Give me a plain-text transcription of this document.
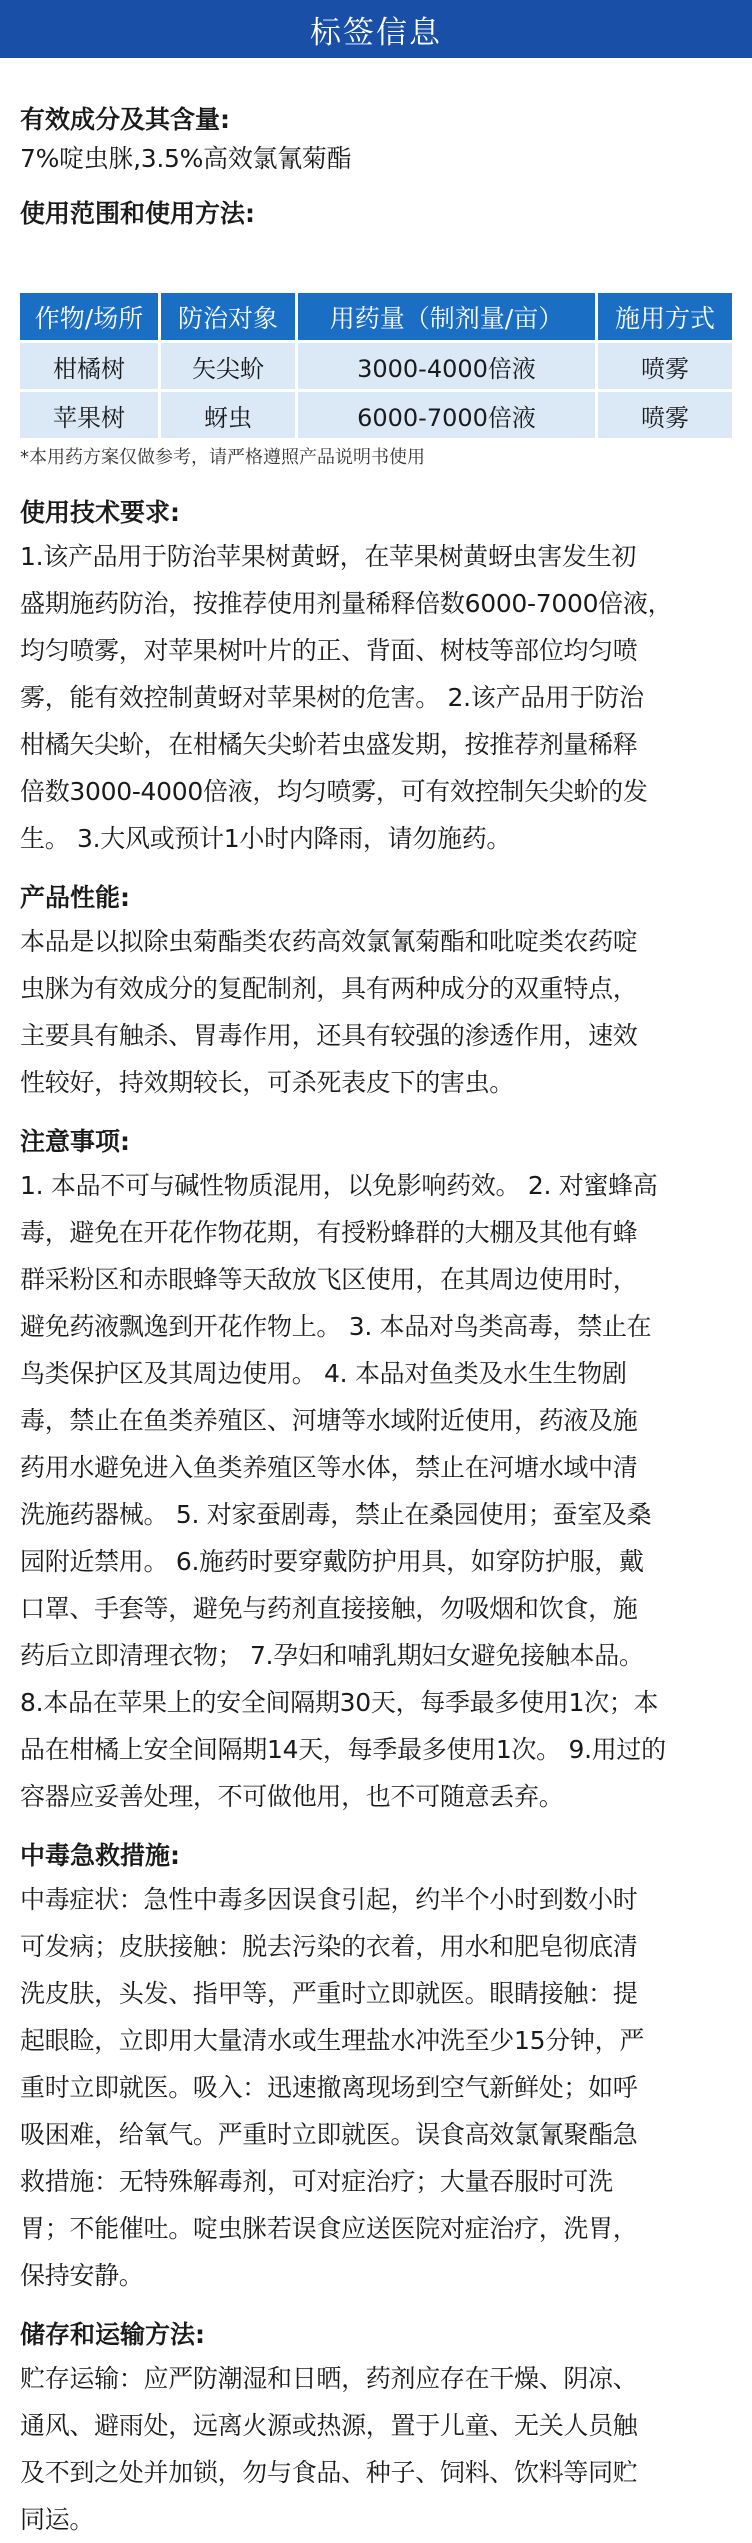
标签信息
有效成分及其含量:

7%啶虫脒,3.5%高效氯氰菊酯

使用范围和使用方法:
作物/场所	防治对象	用药量（制剂量/亩）	施用方式
柑橘树	矢尖蚧	3000-4000倍液	喷雾
苹果树	蚜虫	6000-7000倍液	喷雾

*本用药方案仅做参考，请严格遵照产品说明书使用

使用技术要求:
1.该产品用于防治苹果树黄蚜，在苹果树黄蚜虫害发生初
盛期施药防治，按推荐使用剂量稀释倍数6000-7000倍液，
均匀喷雾，对苹果树叶片的正、背面、树枝等部位均匀喷
雾，能有效控制黄蚜对苹果树的危害。 2.该产品用于防治
柑橘矢尖蚧，在柑橘矢尖蚧若虫盛发期，按推荐剂量稀释
倍数3000-4000倍液，均匀喷雾，可有效控制矢尖蚧的发
生。 3.大风或预计1小时内降雨，请勿施药。
产品性能:
本品是以拟除虫菊酯类农药高效氯氰菊酯和吡啶类农药啶
虫脒为有效成分的复配制剂，具有两种成分的双重特点，
主要具有触杀、胃毒作用，还具有较强的渗透作用，速效
性较好，持效期较长，可杀死表皮下的害虫。
注意事项:
1. 本品不可与碱性物质混用，以免影响药效。 2. 对蜜蜂高
毒，避免在开花作物花期，有授粉蜂群的大棚及其他有蜂
群采粉区和赤眼蜂等天敌放飞区使用，在其周边使用时，
避免药液飘逸到开花作物上。 3. 本品对鸟类高毒，禁止在
鸟类保护区及其周边使用。 4. 本品对鱼类及水生生物剧
毒，禁止在鱼类养殖区、河塘等水域附近使用，药液及施
药用水避免进入鱼类养殖区等水体，禁止在河塘水域中清
洗施药器械。 5. 对家蚕剧毒，禁止在桑园使用；蚕室及桑
园附近禁用。 6.施药时要穿戴防护用具，如穿防护服，戴
口罩、手套等，避免与药剂直接接触，勿吸烟和饮食，施
药后立即清理衣物； 7.孕妇和哺乳期妇女避免接触本品。
8.本品在苹果上的安全间隔期30天，每季最多使用1次；本
品在柑橘上安全间隔期14天，每季最多使用1次。 9.用过的
容器应妥善处理，不可做他用，也不可随意丢弃。
中毒急救措施:
中毒症状：急性中毒多因误食引起，约半个小时到数小时
可发病；皮肤接触：脱去污染的衣着，用水和肥皂彻底清
洗皮肤，头发、指甲等，严重时立即就医。眼睛接触：提
起眼睑，立即用大量清水或生理盐水冲洗至少15分钟，严
重时立即就医。吸入：迅速撤离现场到空气新鲜处；如呼
吸困难，给氧气。严重时立即就医。误食高效氯氰聚酯急
救措施：无特殊解毒剂，可对症治疗；大量吞服时可洗
胃；不能催吐。啶虫脒若误食应送医院对症治疗，洗胃，
保持安静。
储存和运输方法:
贮存运输：应严防潮湿和日晒，药剂应存在干燥、阴凉、
通风、避雨处，远离火源或热源，置于儿童、无关人员触
及不到之处并加锁，勿与食品、种子、饲料、饮料等同贮
同运。
